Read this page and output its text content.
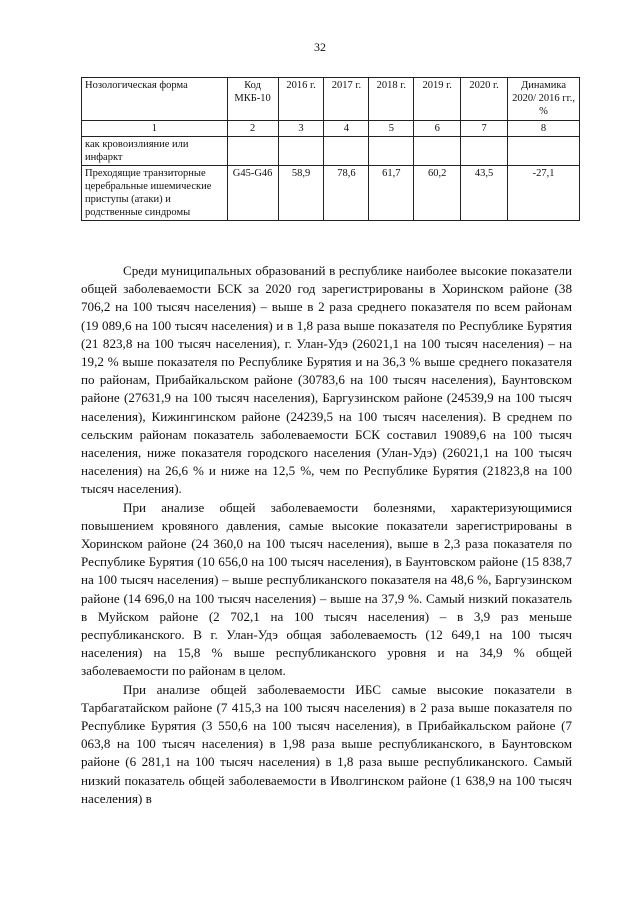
32
Нозологическая форма	Код МКБ-10	2016 г.	2017 г.	2018 г.	2019 г.	2020 г.	Динамика 2020/ 2016 гг., %
1	2	3	4	5	6	7	8
как кровоизлияние или инфаркт							
Преходящие транзиторные церебральные ишемические приступы (атаки) и родственные синдромы	G45-G46	58,9	78,6	61,7	60,2	43,5	-27,1

Среди муниципальных образований в республике наиболее высокие показатели общей заболеваемости БСК за 2020 год зарегистрированы в Хоринском районе (38 706,2 на 100 тысяч населения) – выше в 2 раза среднего показателя по всем районам (19 089,6 на 100 тысяч населения) и в 1,8 раза выше показателя по Республике Бурятия (21 823,8 на 100 тысяч населения), г. Улан-Удэ (26021,1 на 100 тысяч населения) – на 19,2 % выше показателя по Республике Бурятия и на 36,3 % выше среднего показателя по районам, Прибайкальском районе (30783,6 на 100 тысяч населения), Баунтовском районе (27631,9 на 100 тысяч населения), Баргузинском районе (24539,9 на 100 тысяч населения), Кижингинском районе (24239,5 на 100 тысяч населения). В среднем по сельским районам показатель заболеваемости БСК составил 19089,6 на 100 тысяч населения, ниже показателя городского населения (Улан-Удэ) (26021,1 на 100 тысяч населения) на 26,6 % и ниже на 12,5 %, чем по Республике Бурятия (21823,8 на 100 тысяч населения).

При анализе общей заболеваемости болезнями, характеризующимися повышением кровяного давления, самые высокие показатели зарегистрированы в Хоринском районе (24 360,0 на 100 тысяч населения), выше в 2,3 раза показателя по Республике Бурятия (10 656,0 на 100 тысяч населения), в Баунтовском районе (15 838,7 на 100 тысяч населения) – выше республиканского показателя на 48,6 %, Баргузинском районе (14 696,0 на 100 тысяч населения) – выше на 37,9 %. Самый низкий показатель в Муйском районе (2 702,1 на 100 тысяч населения) – в 3,9 раз меньше республиканского. В г. Улан-Удэ общая заболеваемость (12 649,1 на 100 тысяч населения) на 15,8 % выше республиканского уровня и на 34,9 % общей заболеваемости по районам в целом.

При анализе общей заболеваемости ИБС самые высокие показатели в Тарбагатайском районе (7 415,3 на 100 тысяч населения) в 2 раза выше показателя по Республике Бурятия (3 550,6 на 100 тысяч населения), в Прибайкальском районе (7 063,8 на 100 тысяч населения) в 1,98 раза выше республиканского, в Баунтовском районе (6 281,1 на 100 тысяч населения) в 1,8 раза выше республиканского. Самый низкий показатель общей заболеваемости в Иволгинском районе (1 638,9 на 100 тысяч населения) в
